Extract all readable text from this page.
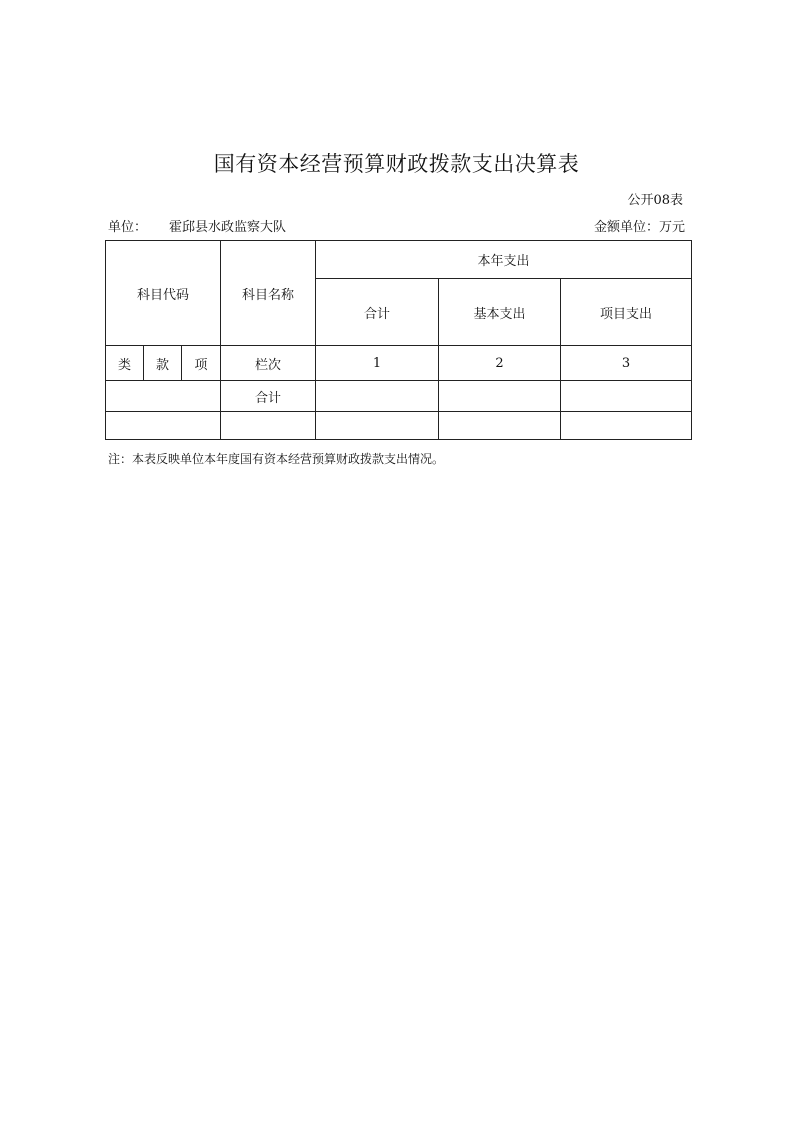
国有资本经营预算财政拨款支出决算表
公开08表
单位： 霍邱县水政监察大队	金额单位：万元
科目代码			科目名称	本年支出		
				合计	基本支出	项目支出
类	款	项	栏次	1	2	3
			合计			

注：本表反映单位本年度国有资本经营预算财政拨款支出情况。
